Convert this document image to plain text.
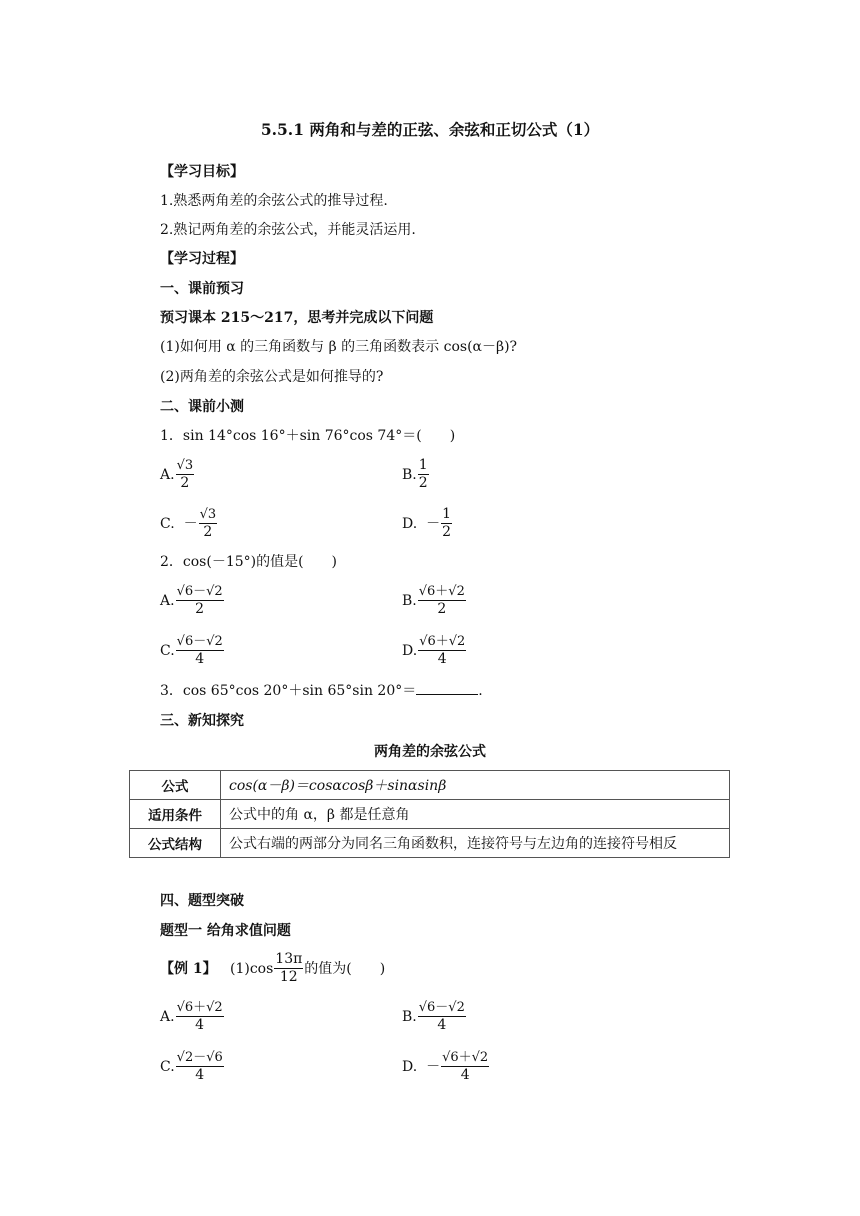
5.5.1 两角和与差的正弦、余弦和正切公式（1）
【学习目标】
1.熟悉两角差的余弦公式的推导过程.
2.熟记两角差的余弦公式，并能灵活运用.
【学习过程】
一、课前预习
预习课本 215～217，思考并完成以下问题
(1)如何用 α 的三角函数与 β 的三角函数表示 cos(α－β)?
(2)两角差的余弦公式是如何推导的?
二、课前小测
1．sin 14°cos 16°＋sin 76°cos 74°＝(　　)
A. $\frac{√3}{2}$	B. $\frac{1}{2}$
C.
－ $\frac{√3}{2}$	D.
－ $\frac{1}{2}$
2．cos(－15°)的值是(　　)
A. $\frac{√6-√2}{2}$	B. $\frac{√6+√2}{2}$
C. $\frac{√6-√2}{4}$	D. $\frac{√6+√2}{4}$
3．cos 65°cos 20°＋sin 65°sin 20°＝	.
三、新知探究
两角差的余弦公式
公式	cos(α－β)＝cosαcosβ＋sinαsinβ
适用条件	公式中的角 α，β 都是任意角
公式结构	公式右端的两部分为同名三角函数积，连接符号与左边角的连接符号相反
四、题型突破
题型一 给角求值问题
【例 1】
$(1)\cos \frac{13\pi}{12}$ 的值为(　　)
A. $\frac{√6+√2}{4}$	B. $\frac{√6-√2}{4}$
C. $\frac{√2-√6}{4}$	D.
－ $\frac{√6+√2}{4}$
